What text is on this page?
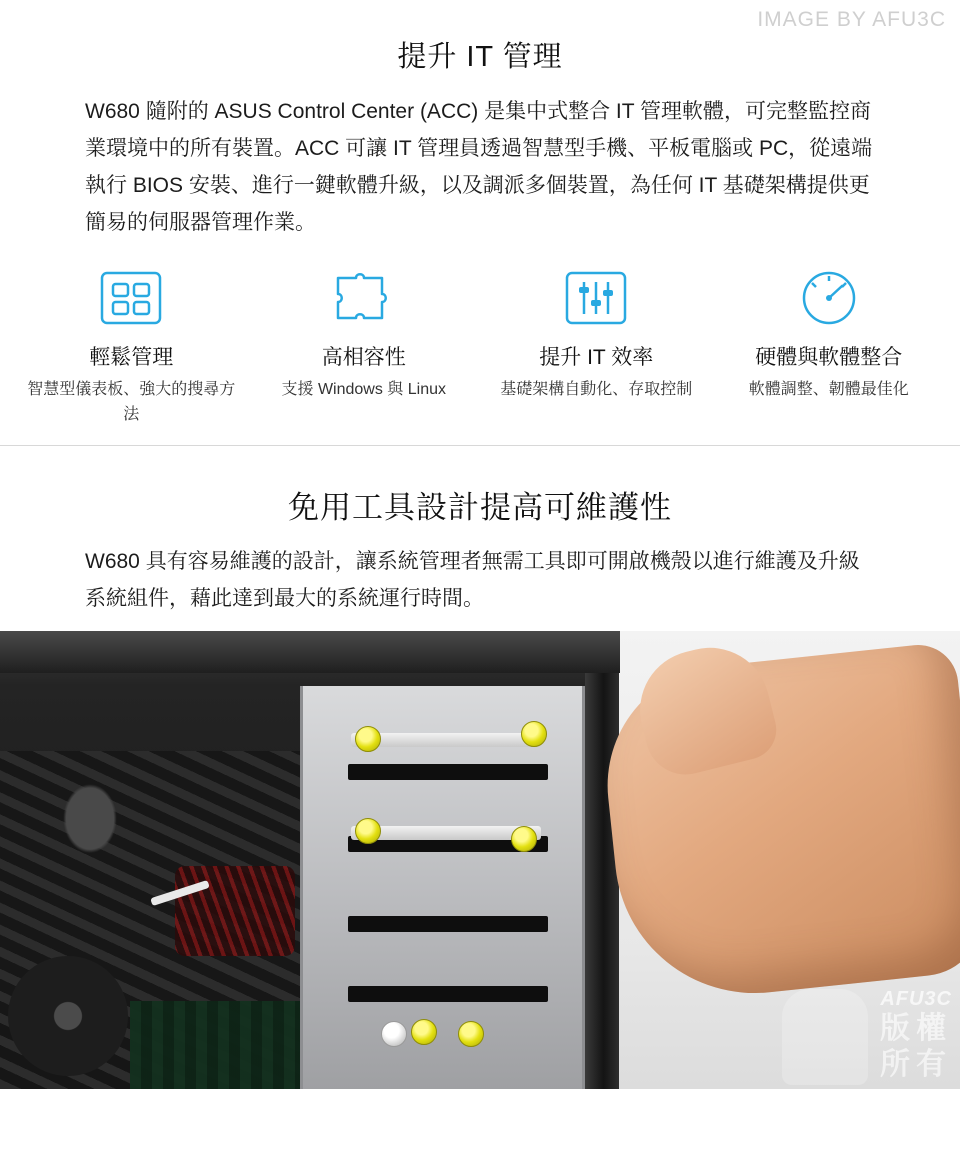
IMAGE BY AFU3C
提升 IT 管理

W680 隨附的 ASUS Control Center (ACC) 是集中式整合 IT 管理軟體，可完整監控商業環境中的所有裝置。ACC 可讓 IT 管理員透過智慧型手機、平板電腦或 PC，從遠端執行 BIOS 安裝、進行一鍵軟體升級，以及調派多個裝置，為任何 IT 基礎架構提供更簡易的伺服器管理作業。

輕鬆管理
智慧型儀表板、強大的搜尋方法
高相容性
支援 Windows 與 Linux
提升 IT 效率
基礎架構自動化、存取控制
硬體與軟體整合
軟體調整、韌體最佳化
免用工具設計提高可維護性

W680 具有容易維護的設計，讓系統管理者無需工具即可開啟機殼以進行維護及升級系統組件，藉此達到最大的系統運行時間。

AFU3C
版權
所有
